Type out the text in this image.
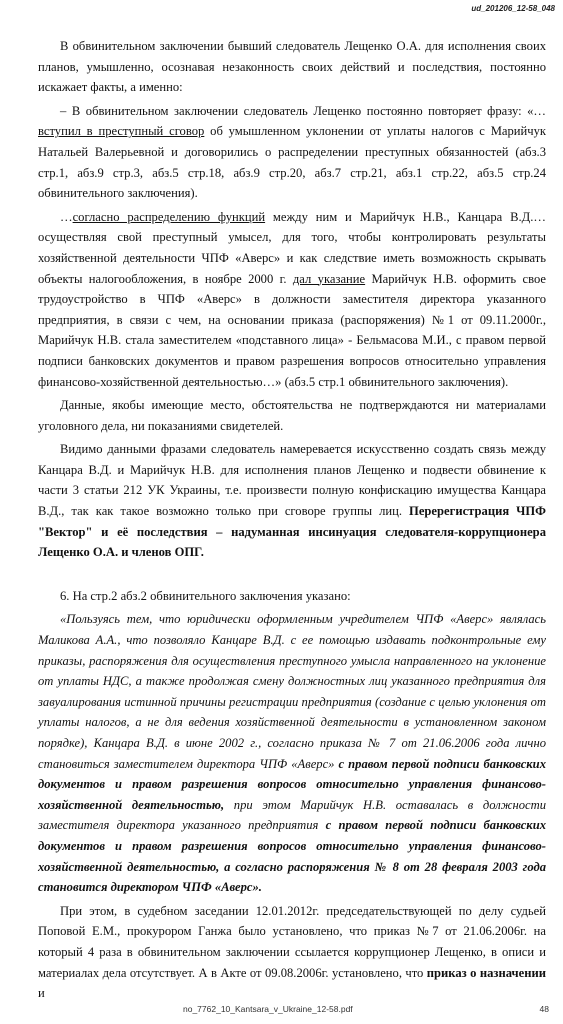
ud_201206_12-58_048

В обвинительном заключении бывший следователь Лещенко О.А. для исполнения своих планов, умышленно, осознавая незаконность своих действий и последствия, постоянно искажает факты, а именно:

– В обвинительном заключении следователь Лещенко постоянно повторяет фразу: «…вступил в преступный сговор об умышленном уклонении от уплаты налогов с Марийчук Натальей Валерьевной и договорились о распределении преступных обязанностей (абз.3 стр.1, абз.9 стр.3, абз.5 стр.18, абз.9 стр.20, абз.7 стр.21, абз.1 стр.22, абз.5 стр.24 обвинительного заключения).

…согласно распределению функций между ним и Марийчук Н.В., Канцара В.Д.… осуществляя свой преступный умысел, для того, чтобы контролировать результаты хозяйственной деятельности ЧПФ «Аверс» и как следствие иметь возможность скрывать объекты налогообложения, в ноябре 2000 г. дал указание Марийчук Н.В. оформить свое трудоустройство в ЧПФ «Аверс» в должности заместителя директора указанного предприятия, в связи с чем, на основании приказа (распоряжения) №1 от 09.11.2000г., Марийчук Н.В. стала заместителем «подставного лица» - Бельмасова М.И., с правом первой подписи банковских документов и правом разрешения вопросов относительно управления финансово-хозяйственной деятельностью…» (абз.5 стр.1 обвинительного заключения).

Данные, якобы имеющие место, обстоятельства не подтверждаются ни материалами уголовного дела, ни показаниями свидетелей.

Видимо данными фразами следователь намеревается искусственно создать связь между Канцара В.Д. и Марийчук Н.В. для исполнения планов Лещенко и подвести обвинение к части 3 статьи 212 УК Украины, т.е. произвести полную конфискацию имущества Канцара В.Д., так как такое возможно только при сговоре группы лиц. Перерегистрация ЧПФ "Вектор" и её последствия – надуманная инсинуация следователя-коррупционера Лещенко О.А. и членов ОПГ.

6. На стр.2 абз.2 обвинительного заключения указано:

«Пользуясь тем, что юридически оформленным учредителем ЧПФ «Аверс» являлась Маликова А.А., что позволяло Канцаре В.Д. с ее помощью издавать подконтрольные ему приказы, распоряжения для осуществления преступного умысла направленного на уклонение от уплаты НДС, а также продолжая смену должностных лиц указанного предприятия для завуалирования истинной причины регистрации предприятия (создание с целью уклонения от уплаты налогов, а не для ведения хозяйственной деятельности в установленном законом порядке), Канцара В.Д. в июне 2002 г., согласно приказа № 7 от 21.06.2006 года лично становиться заместителем директора ЧПФ «Аверс» с правом первой подписи банковских документов и правом разрешения вопросов относительно управления финансово-хозяйственной деятельностью, при этом Марийчук Н.В. оставалась в должности заместителя директора указанного предприятия с правом первой подписи банковских документов и правом разрешения вопросов относительно управления финансово-хозяйственной деятельностью, а согласно распоряжения № 8 от 28 февраля 2003 года становится директором ЧПФ «Аверс».

При этом, в судебном заседании 12.01.2012г. председательствующей по делу судьей Поповой Е.М., прокурором Ганжа было установлено, что приказ №7 от 21.06.2006г. на который 4 раза в обвинительном заключении ссылается коррупционер Лещенко, в описи и материалах дела отсутствует. А в Акте от 09.08.2006г. установлено, что приказ о назначении и

no_7762_10_Kantsara_v_Ukraine_12-58.pdf	48
